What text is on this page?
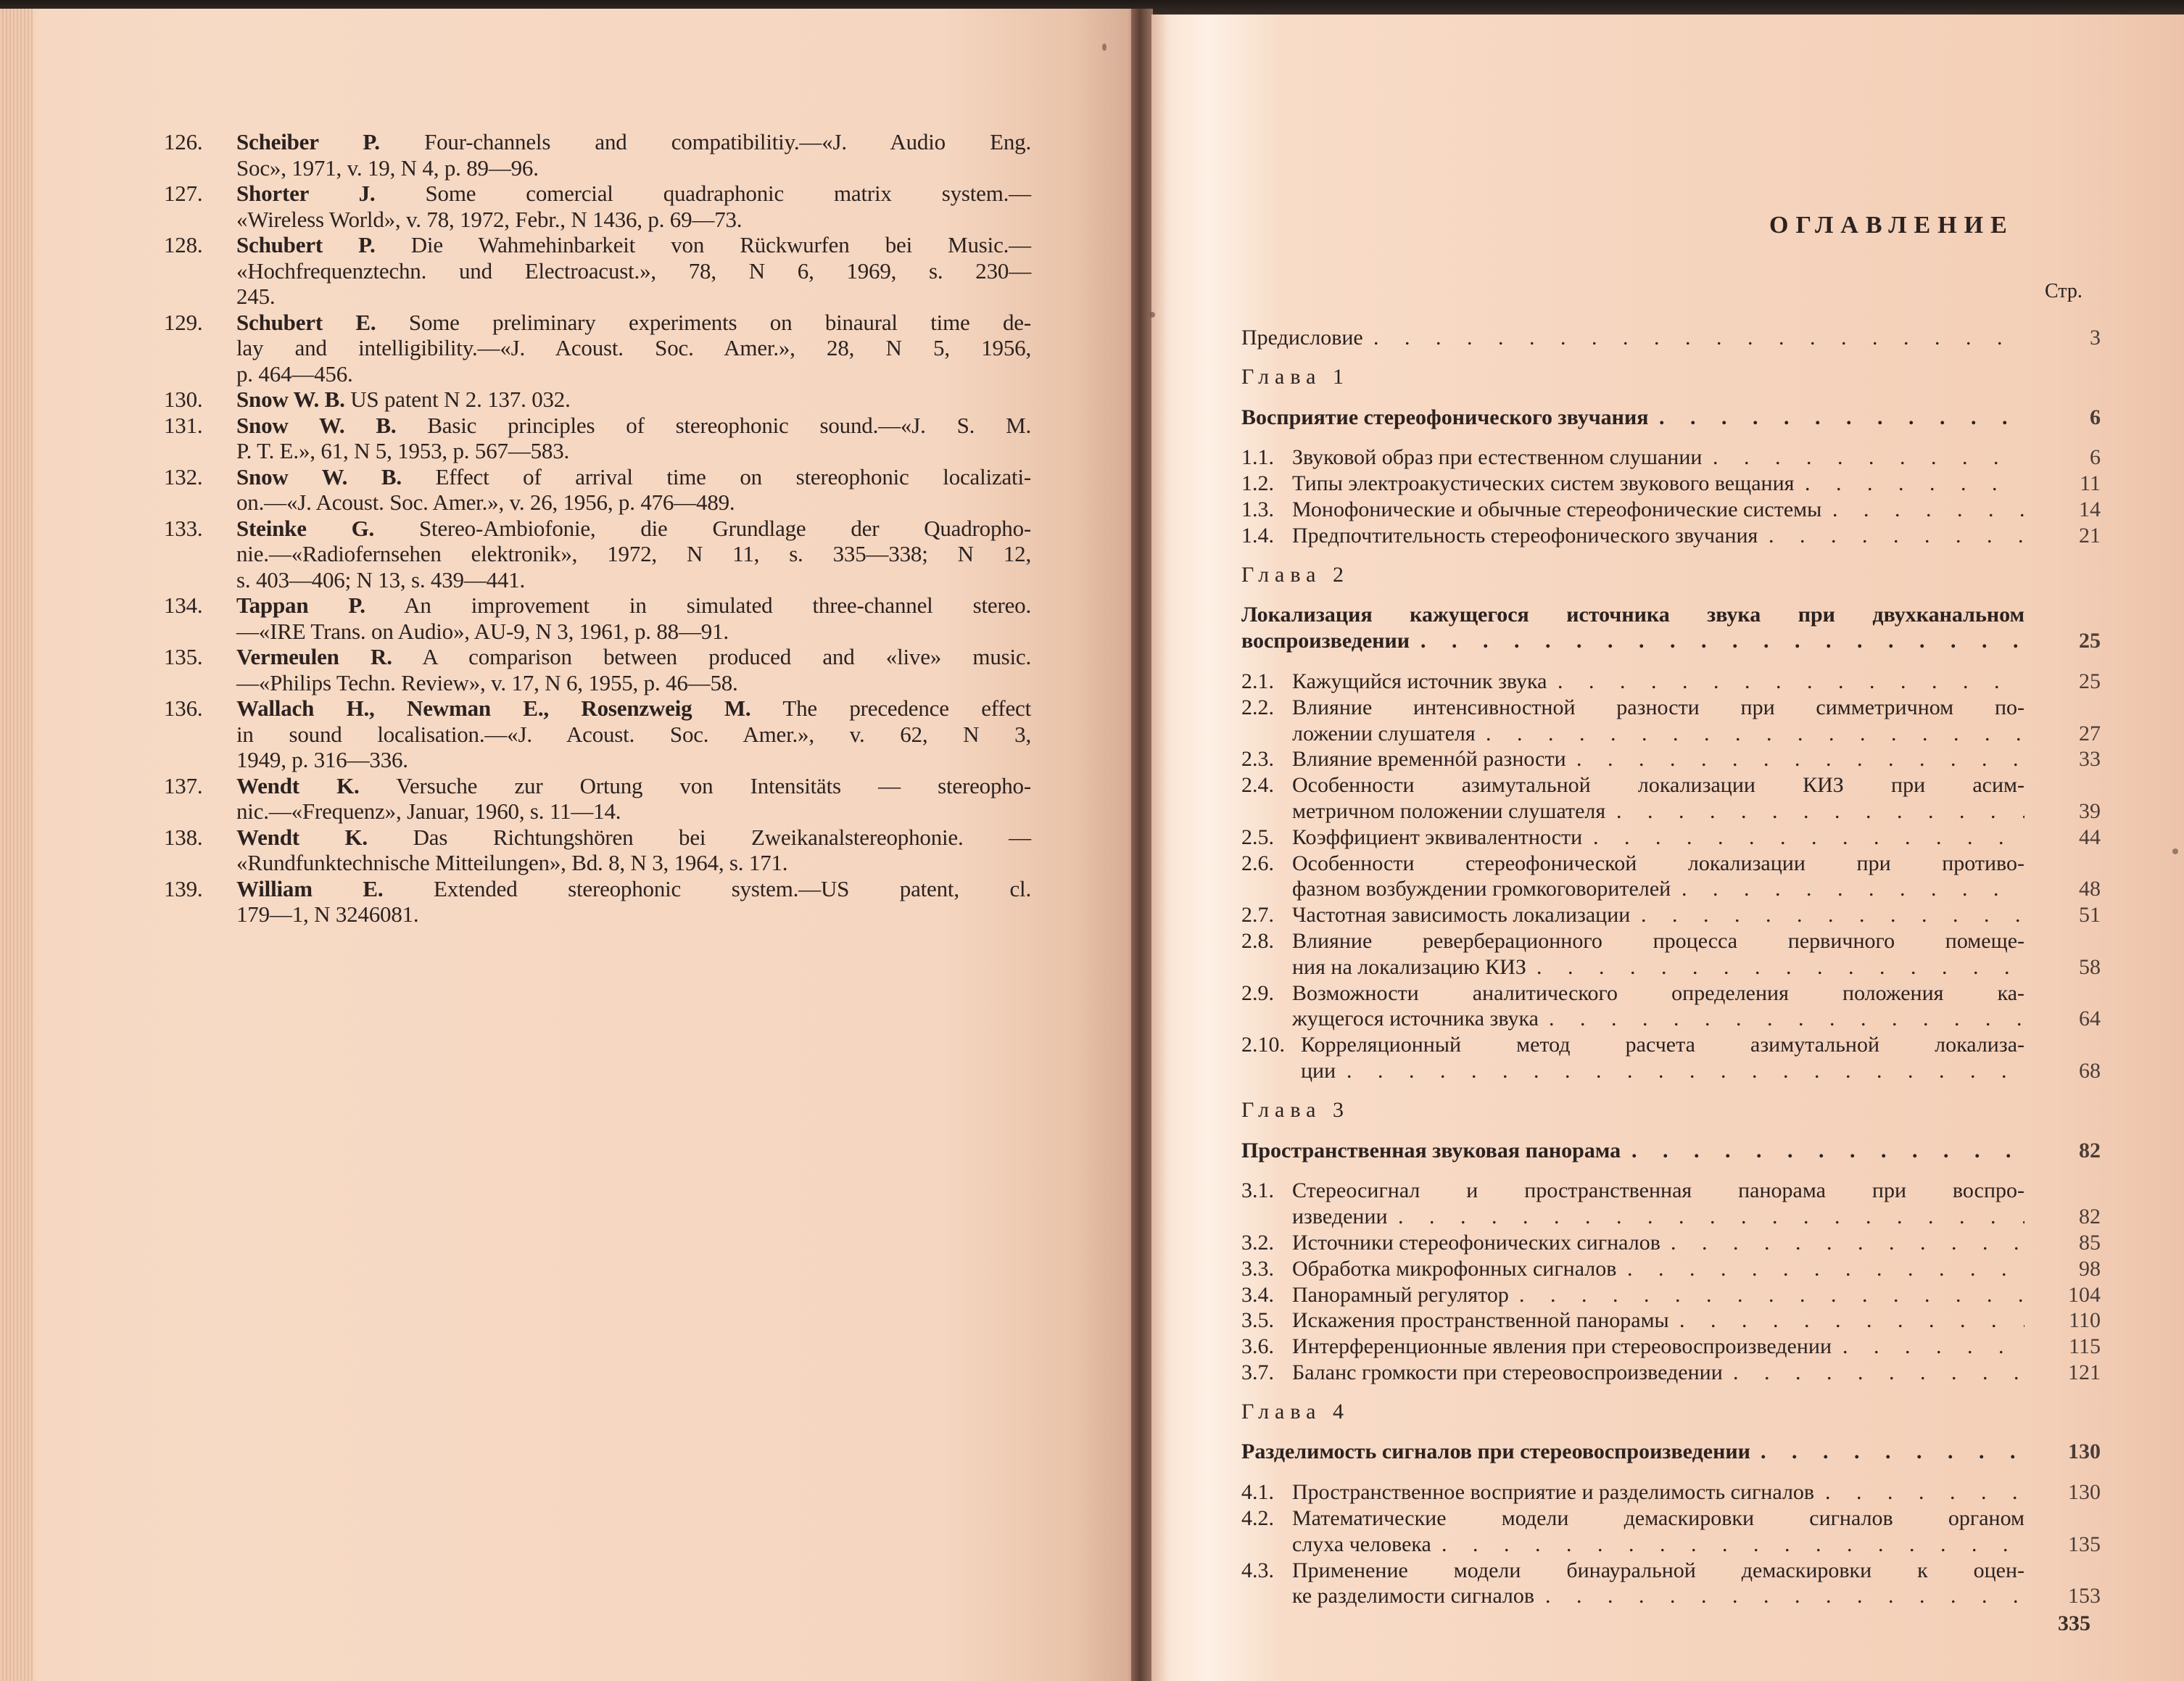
126.	Scheiber P. Four-channels and compatibilitiy.—«J. Audio Eng.
Soc», 1971, v. 19, N 4, p. 89—96.
127.	Shorter J. Some comercial quadraphonic matrix system.—
«Wireless World», v. 78, 1972, Febr., N 1436, p. 69—73.
128.	Schubert P. Die Wahmehinbarkeit von Rückwurfen bei Music.—
«Hochfrequenztechn. und Electroacust.», 78, N 6, 1969, s. 230—
245.
129.	Schubert E. Some preliminary experiments on binaural time de-
lay and intelligibility.—«J. Acoust. Soc. Amer.», 28, N 5, 1956,
p. 464—456.
130.	Snow W. B. US patent N 2. 137. 032.
131.	Snow W. B. Basic principles of stereophonic sound.—«J. S. M.
P. T. E.», 61, N 5, 1953, p. 567—583.
132.	Snow W. B. Effect of arrival time on stereophonic localizati-
on.—«J. Acoust. Soc. Amer.», v. 26, 1956, p. 476—489.
133.	Steinke G. Stereo-Ambiofonie, die Grundlage der Quadropho-
nie.—«Radiofernsehen elektronik», 1972, N 11, s. 335—338; N 12,
s. 403—406; N 13, s. 439—441.
134.	Tappan P. An improvement in simulated three-channel stereo.
—«IRE Trans. on Audio», AU-9, N 3, 1961, p. 88—91.
135.	Vermeulen R. A comparison between produced and «live» music.
—«Philips Techn. Review», v. 17, N 6, 1955, p. 46—58.
136.	Wallach H., Newman E., Rosenzweig M. The precedence effect
in sound localisation.—«J. Acoust. Soc. Amer.», v. 62, N 3,
1949, p. 316—336.
137.	Wendt K. Versuche zur Ortung von Intensitäts — stereopho-
nic.—«Frequenz», Januar, 1960, s. 11—14.
138.	Wendt K. Das Richtungshören bei Zweikanalstereophonie. —
«Rundfunktechnische Mitteilungen», Bd. 8, N 3, 1964, s. 171.
139.	William E. Extended stereophonic system.—US patent, cl.
179—1, N 3246081.
ОГЛАВЛЕНИЕ
Стр.
. . .
Предисловие	3
Глава 1
. . .
Восприятие стереофонического звучания	6
. . .
1.1. Звуковой образ при естественном слушании	6
. . .
1.2. Типы электроакустических систем звукового вещания	11
. . .
1.3. Монофонические и обычные стереофонические системы	14
. . .
1.4. Предпочтительность стереофонического звучания	21
Глава 2
Локализация кажущегося источника звука при двухканальном
. . .
воспроизведении	25
. . .
2.1. Кажущийся источник звука	25
2.2. Влияние интенсивностной разности при симметричном по-
. . .
ложении слушателя	27
. . .
2.3. Влияние временнóй разности	33
2.4. Особенности азимутальной локализации КИЗ при асим-
. . .
метричном положении слушателя	39
. . .
2.5. Коэффициент эквивалентности	44
2.6. Особенности стереофонической локализации при противо-
. . .
фазном возбуждении громкоговорителей	48
. . .
2.7. Частотная зависимость локализации	51
2.8. Влияние реверберационного процесса первичного помеще-
. . .
ния на локализацию КИЗ	58
2.9. Возможности аналитического определения положения ка-
. . .
жущегося источника звука	64
2.10. Корреляционный метод расчета азимутальной локализа-
. . .
ции	68
Глава 3
. . .
Пространственная звуковая панорама	82
3.1. Стереосигнал и пространственная панорама при воспро-
. . .
изведении	82
. . .
3.2. Источники стереофонических сигналов	85
. . .
3.3. Обработка микрофонных сигналов	98
. . .
3.4. Панорамный регулятор	104
. . .
3.5. Искажения пространственной панорамы	110
. . .
3.6. Интерференционные явления при стереовоспроизведении	115
. . .
3.7. Баланс громкости при стереовоспроизведении	121
Глава 4
. . .
Разделимость сигналов при стереовоспроизведении	130
. . .
4.1. Пространственное восприятие и разделимость сигналов	130
4.2. Математические модели демаскировки сигналов органом
. . .
слуха человека	135
4.3. Применение модели бинауральной демаскировки к оцен-
. . .
ке разделимости сигналов	153
335
